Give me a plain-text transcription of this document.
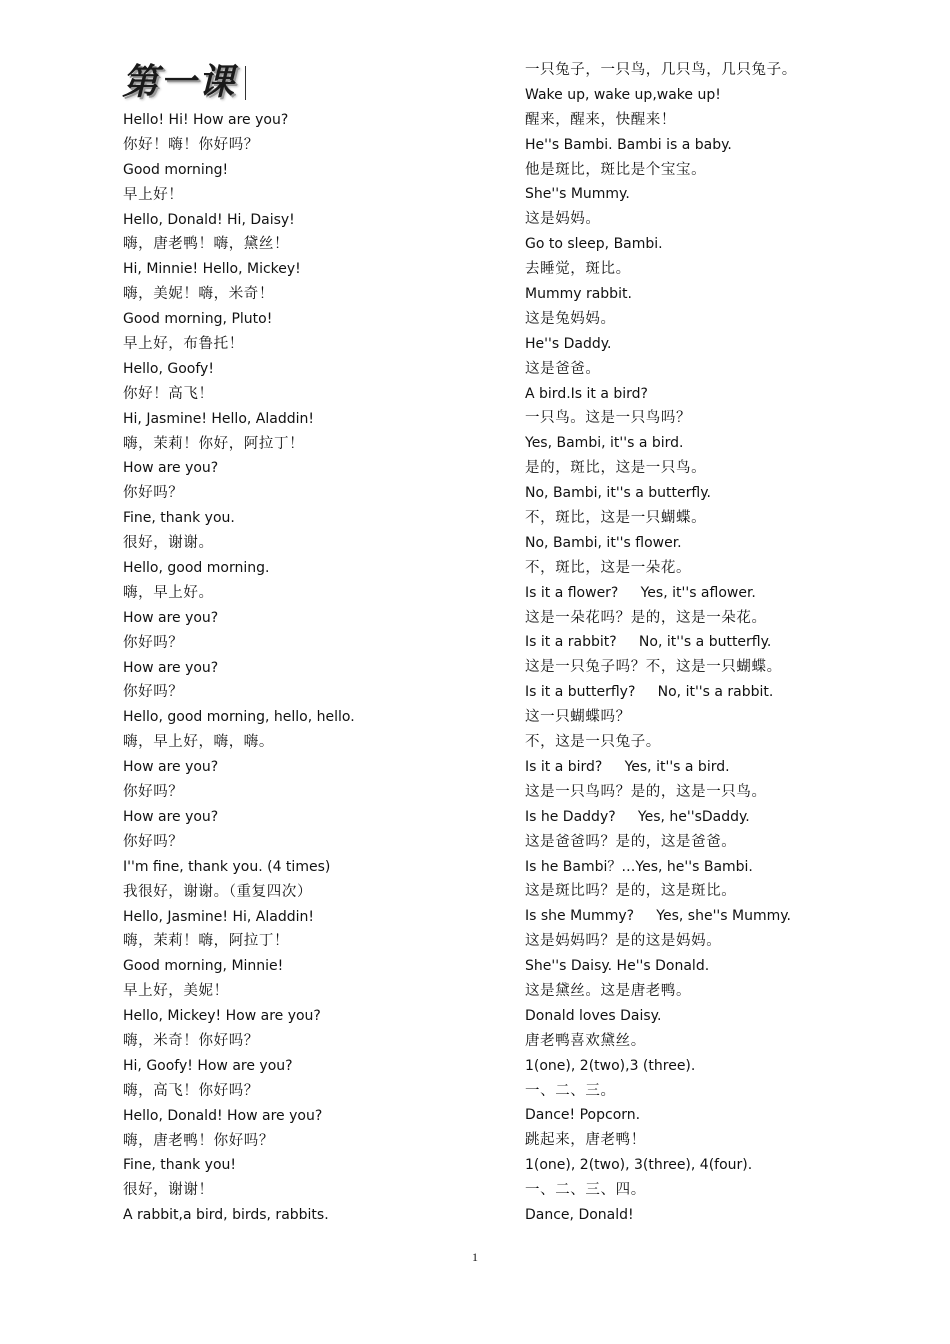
第一课
Hello! Hi! How are you?
你好！嗨！你好吗？
Good morning!
早上好！
Hello, Donald! Hi, Daisy!
嗨，唐老鸭！嗨，黛丝！
Hi, Minnie! Hello, Mickey!
嗨，美妮！嗨，米奇！
Good morning, Pluto!
早上好，布鲁托！
Hello, Goofy!
你好！高飞！
Hi, Jasmine! Hello, Aladdin!
嗨，茉莉！你好，阿拉丁！
How are you?
你好吗？
Fine, thank you.
很好，谢谢。
Hello, good morning.
嗨，早上好。
How are you?
你好吗？
How are you?
你好吗？
Hello, good morning, hello, hello.
嗨，早上好，嗨，嗨。
How are you?
你好吗？
How are you?
你好吗？
I''m fine, thank you. (4 times)
我很好，谢谢。（重复四次）
Hello, Jasmine! Hi, Aladdin!
嗨，茉莉！嗨，阿拉丁！
Good morning, Minnie!
早上好，美妮！
Hello, Mickey! How are you?
嗨，米奇！你好吗？
Hi, Goofy! How are you?
嗨，高飞！你好吗？
Hello, Donald! How are you?
嗨，唐老鸭！你好吗？
Fine, thank you!
很好，谢谢！
A rabbit,a bird, birds, rabbits.
一只兔子，一只鸟，几只鸟，几只兔子。
Wake up, wake up,wake up!
醒来，醒来，快醒来！
He''s Bambi. Bambi is a baby.
他是斑比，斑比是个宝宝。
She''s Mummy.
这是妈妈。
Go to sleep, Bambi.
去睡觉，斑比。
Mummy rabbit.
这是兔妈妈。
He''s Daddy.
这是爸爸。
A bird.Is it a bird?
一只鸟。这是一只鸟吗？
Yes, Bambi, it''s a bird.
是的，斑比，这是一只鸟。
No, Bambi, it''s a butterfly.
不，斑比，这是一只蝴蝶。
No, Bambi, it''s flower.
不，斑比，这是一朵花。
Is it a flower?     Yes, it''s aflower.
这是一朵花吗？是的，这是一朵花。
Is it a rabbit?     No, it''s a butterfly.
这是一只兔子吗？不，这是一只蝴蝶。
Is it a butterfly?     No, it''s a rabbit.
这一只蝴蝶吗？
不，这是一只兔子。
Is it a bird?     Yes, it''s a bird.
这是一只鸟吗？是的，这是一只鸟。
Is he Daddy?     Yes, he''sDaddy.
这是爸爸吗？是的，这是爸爸。
Is he Bambi？…Yes, he''s Bambi.
这是斑比吗？是的，这是斑比。
Is she Mummy?     Yes, she''s Mummy.
这是妈妈吗？是的这是妈妈。
She''s Daisy. He''s Donald.
这是黛丝。这是唐老鸭。
Donald loves Daisy.
唐老鸭喜欢黛丝。
1(one), 2(two),3 (three).
一、二、三。
Dance! Popcorn.
跳起来，唐老鸭！
1(one), 2(two), 3(three), 4(four).
一、二、三、四。
Dance, Donald!
1
